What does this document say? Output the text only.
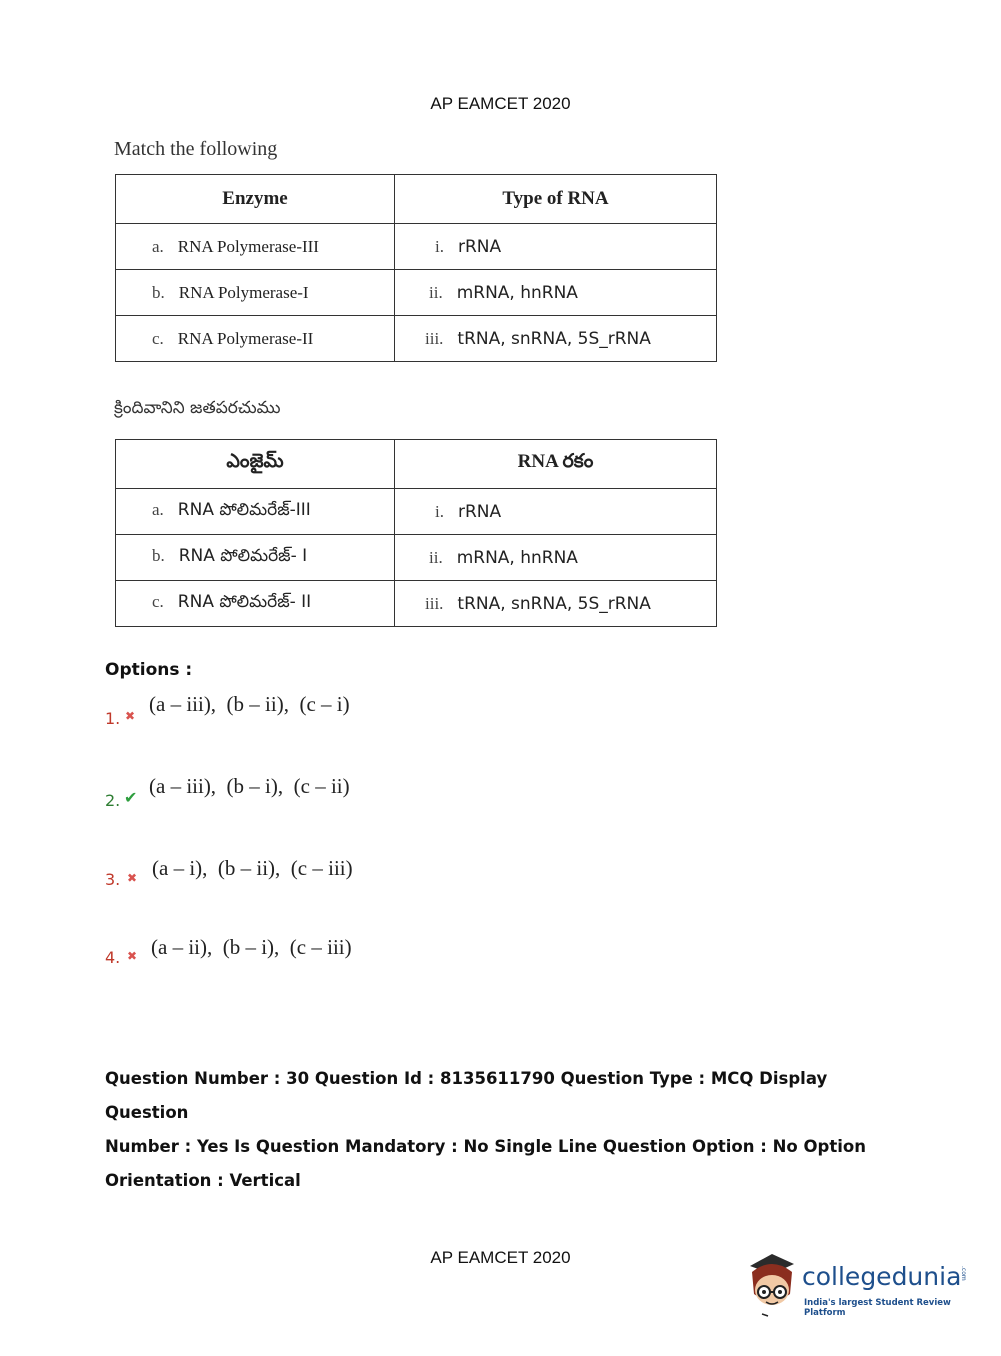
AP EAMCET 2020
Match the following
Enzyme	Type of RNA

a. RNA Polymerase-III	i. rRNA

b. RNA Polymerase-I	ii. mRNA, hnRNA

c. RNA Polymerase-II	iii. tRNA, snRNA, 5S_rRNA
క్రిందివానిని జతపరచుము
ఎంజైమ్	RNA రకం

a. RNA పోలిమరేజ్-III	i. rRNA

b. RNA పోలిమరేజ్- I	ii. mRNA, hnRNA

c. RNA పోలిమరేజ్- II	iii. tRNA, snRNA, 5S_rRNA
Options :
1. ✖ (a – iii),  (b – ii),  (c – i)
2. ✔ (a – iii),  (b – i),  (c – ii)
3. ✖ (a – i),  (b – ii),  (c – iii)
4. ✖ (a – ii),  (b – i),  (c – iii)
Question Number : 30 Question Id : 8135611790 Question Type : MCQ Display Question
Number : Yes Is Question Mandatory : No Single Line Question Option : No Option
Orientation : Vertical
AP EAMCET 2020
collegedunia
.com
India's largest Student Review Platform
